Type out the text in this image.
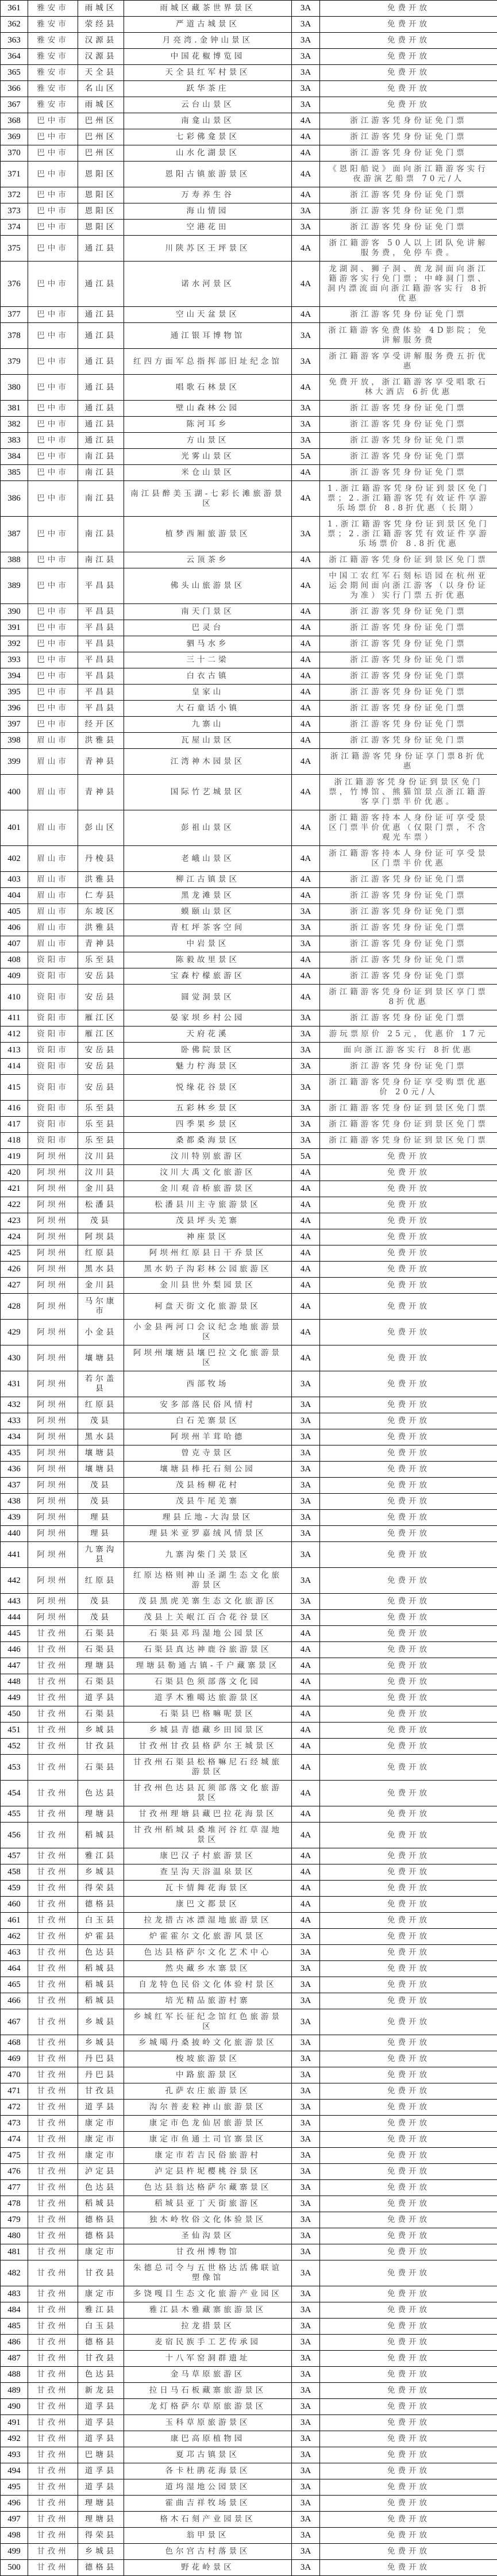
361	雅安市	雨城区	雨城区藏茶世界景区	3A	免费开放
362	雅安市	荥经县	严道古城景区	3A	免费开放
363	雅安市	汉源县	月亮湾.金钟山景区	3A	免费开放
364	雅安市	汉源县	中国花椒博览园	3A	免费开放
365	雅安市	天全县	天全县红军村景区	3A	免费开放
366	雅安市	名山区	跃华茶庄	3A	免费开放
367	雅安市	雨城区	云台山景区	3A	免费开放
368	巴中市	巴州区	南龛山景区	4A	浙江游客凭身份证免门票
369	巴中市	巴州区	七彩佛龛景区	4A	浙江游客凭身份证免门票
370	巴中市	巴州区	山水化湖景区	4A	浙江游客凭身份证免门票
371	巴中市	恩阳区	恩阳古镇旅游景区	4A	《恩阳船说》面向浙江籍游客实行夜游演艺船票 70元/人
372	巴中市	恩阳区	万寿养生谷	4A	浙江游客凭身份证免门票
373	巴中市	恩阳区	海山情园	3A	浙江游客凭身份证免门票
374	巴中市	恩阳区	空港花田	3A	浙江游客凭身份证免门票
375	巴中市	通江县	川陕苏区王坪景区	4A	浙江籍游客 50人以上团队免讲解服务费，免停车费。
376	巴中市	通江县	诺水河景区	4A	龙湖洞、狮子洞、黄龙洞面向浙江籍游客实行免门票；中峰洞门票、洞内漂流面向浙江籍游客实行 8折优惠
377	巴中市	通江县	空山天盆景区	4A	浙江游客凭身份证免门票
378	巴中市	通江县	通江银耳博物馆	3A	浙江籍游客免费体验 4D影院；免讲解服务费
379	巴中市	通江县	红四方面军总指挥部旧址纪念馆	3A	浙江籍游客享受讲解服务费五折优惠
380	巴中市	通江县	唱歌石林景区	4A	免费开放，浙江籍游客享受唱歌石林大酒店 6折优惠
381	巴中市	通江县	壁山森林公园	3A	浙江游客凭身份证免门票
382	巴中市	通江县	陈河耳乡	3A	浙江游客凭身份证免门票
383	巴中市	通江县	方山景区	3A	浙江游客凭身份证免门票
384	巴中市	南江县	光雾山景区	5A	浙江游客凭身份证免门票
385	巴中市	南江县	米仓山景区	4A	浙江游客凭身份证免门票
386	巴中市	南江县	南江县醉美玉湖-七彩长滩旅游景区	4A	1.浙江籍游客凭身份证到景区免门票；2.浙江籍游客凭有效证件享游乐场票价 8.8折优惠（长期）
387	巴中市	南江县	植梦西厢旅游景区	3A	1.浙江籍游客凭身份证到景区免门票；2.浙江籍游客凭有效证件享游乐场票价 8.8折优惠
388	巴中市	南江县	云顶茶乡	4A	浙江籍游客凭身份证到景区免门票
389	巴中市	平昌县	佛头山旅游景区	4A	中国工农红军石刻标语园在杭州亚运会期间面向浙江游客（以身份证为准）实行门票五折优惠
390	巴中市	平昌县	南天门景区	4A	浙江游客凭身份证免门票
391	巴中市	平昌县	巴灵台	4A	浙江游客凭身份证免门票
392	巴中市	平昌县	驷马水乡	4A	浙江游客凭身份证免门票
393	巴中市	平昌县	三十二梁	4A	浙江游客凭身份证免门票
394	巴中市	平昌县	白衣古镇	4A	浙江游客凭身份证免门票
395	巴中市	平昌县	皇家山	4A	浙江游客凭身份证免门票
396	巴中市	平昌县	大石童话小镇	4A	浙江游客凭身份证免门票
397	巴中市	经开区	九寨山	4A	浙江游客凭身份证免门票
398	眉山市	洪雅县	瓦屋山景区	4A	浙江游客凭身份证免门票
399	眉山市	青神县	江湾神木园景区	4A	浙江籍游客凭身份证享门票8折优惠
400	眉山市	青神县	国际竹艺城景区	4A	浙江籍游客凭身份证到景区免门票，竹博馆、熊猫馆景点浙江籍游客享门票半价优惠。
401	眉山市	彭山区	彭祖山景区	4A	浙江籍游客持本人身份证可享受景区门票半价优惠（仅限门票，不含观光车票）
402	眉山市	丹棱县	老峨山景区	4A	浙江籍游客持本人身份证可享受景区门票半价优惠
403	眉山市	洪雅县	柳江古镇景区	4A	浙江游客凭身份证免门票
404	眉山市	仁寿县	黑龙滩景区	4A	浙江游客凭身份证免门票
405	眉山市	东坡区	蟆颐山景区	3A	浙江游客凭身份证免门票
406	眉山市	洪雅县	青杠坪茶客空间	3A	浙江游客凭身份证免门票
407	眉山市	青神县	中岩景区	3A	浙江游客凭身份证免门票
408	资阳市	乐至县	陈毅故里景区	4A	浙江游客凭身份证免门票
409	资阳市	安岳县	宝森柠檬旅游区	4A	浙江游客凭身份证免门票
410	资阳市	安岳县	圆觉洞景区	4A	浙江籍游客凭身份证到景区享门票 8折优惠
411	资阳市	雁江区	晏家坝乡村公园	3A	浙江游客凭身份证免门票
412	资阳市	雁江区	天府花溪	3A	游玩票原价 25元，优惠价 17元
413	资阳市	安岳县	卧佛院景区	3A	面向浙江游客实行 8折优惠
414	资阳市	安岳县	魅力柠海景区	3A	浙江游客凭身份证免门票
415	资阳市	安岳县	悦缘花谷景区	3A	浙江籍游客凭身份证享受购票优惠价 20元/人
416	资阳市	乐至县	五彩林乡景区	3A	浙江籍游客凭身份证到景区免门票
417	资阳市	乐至县	四季果乡景区	3A	浙江籍游客凭身份证到景区免门票
418	资阳市	乐至县	桑都桑海景区	3A	浙江籍游客凭身份证到景区免门票
419	阿坝州	汶川县	汶川特别旅游区	5A	免费开放
420	阿坝州	汶川县	汶川大禹文化旅游区	4A	免费开放
421	阿坝州	金川县	金川观音桥旅游景区	4A	免费开放
422	阿坝州	松潘县	松潘县川主寺旅游景区	4A	免费开放
423	阿坝州	茂县	茂县坪头羌寨	4A	免费开放
424	阿坝州	阿坝县	神座景区	4A	免费开放
425	阿坝州	红原县	阿坝州红原县日干乔景区	4A	免费开放
426	阿坝州	黑水县	黑水奶子沟彩林公园旅游区	4A	免费开放
427	阿坝州	金川县	金川县世外梨园景区	4A	免费开放
428	阿坝州	马尔康市	柯盘天街文化旅游景区	4A	免费开放
429	阿坝州	小金县	小金县两河口会议纪念地旅游景区	4A	免费开放
430	阿坝州	壤塘县	阿坝州壤塘县壤巴拉文化旅游景区	4A	免费开放
431	阿坝州	若尔盖县	西部牧场	3A	免费开放
432	阿坝州	红原县	安多部落民俗风情村	3A	免费开放
433	阿坝州	茂县	白石羌寨景区	3A	免费开放
434	阿坝州	黑水县	阿坝州羊茸哈德	3A	免费开放
435	阿坝州	壤塘县	曾克寺景区	3A	免费开放
436	阿坝州	壤塘县	壤塘县棒托石刻公园	3A	免费开放
437	阿坝州	茂县	茂县杨柳花村	3A	免费开放
438	阿坝州	茂县	茂县牛尾羌寨	3A	免费开放
439	阿坝州	理县	理县丘地-大沟景区	3A	免费开放
440	阿坝州	理县	理县米亚罗嘉绒风情景区	3A	免费开放
441	阿坝州	九寨沟县	九寨沟柴门关景区	3A	免费开放
442	阿坝州	红原县	红原达格则神山圣湖生态文化旅游景区	3A	免费开放
443	阿坝州	茂县	茂县黑虎羌寨生态文化旅游区	3A	免费开放
444	阿坝州	茂县	茂县上关岷江百合花谷景区	3A	免费开放
445	甘孜州	石渠县	石渠县邓玛湿地公园景区	4A	免费开放
446	甘孜州	石渠县	石渠县真达神鹿谷旅游景区	4A	免费开放
447	甘孜州	理塘县	理塘县勒通古镇-千户藏寨景区	4A	免费开放
448	甘孜州	石渠县	石渠县色须部落文化园	4A	免费开放
449	甘孜州	道孚县	道孚木雅噶达旅游景区	4A	免费开放
450	甘孜州	石渠县	石渠县巴格嘛呢景区	4A	免费开放
451	甘孜州	乡城县	乡城县青德藏乡田园景区	4A	免费开放
452	甘孜州	甘孜县	甘孜州甘孜县格萨尔王城景区	4A	免费开放
453	甘孜州	石渠县	甘孜州石渠县松格嘛尼石经城旅游景区	4A	免费开放
454	甘孜州	色达县	甘孜州色达县瓦须部落文化旅游景区	4A	免费开放
455	甘孜州	理塘县	甘孜州理塘县藏巴拉花海景区	4A	免费开放
456	甘孜州	稻城县	甘孜州稻城县桑堆河谷红草湿地景区	4A	免费开放
457	甘孜州	雅江县	康巴汉子村旅游景区	4A	免费开放
458	甘孜州	乡城县	查呈沟天浴温泉景区	4A	免费开放
459	甘孜州	得荣县	瓦卡情舞花海景区	4A	免费开放
460	甘孜州	德格县	康巴文都景区	4A	免费开放
461	甘孜州	白玉县	拉龙措古冰漂湿地旅游景区	4A	免费开放
462	甘孜州	炉霍县	炉霍霍尔文化旅游风景区	3A	免费开放
463	甘孜州	色达县	色达县格萨尔文化艺术中心	3A	免费开放
464	甘孜州	稻城县	然央藏乡水寨景区	3A	免费开放
465	甘孜州	稻城县	自龙特色民俗文化体验村景区	3A	免费开放
466	甘孜州	稻城县	培光精品旅游村寨	3A	免费开放
467	甘孜州	乡城县	乡城红军长征纪念馆红色旅游景区	3A	免费开放
468	甘孜州	乡城县	乡城噶丹桑披岭文化旅游景区	3A	免费开放
469	甘孜州	丹巴县	梭坡旅游景区	3A	免费开放
470	甘孜州	丹巴县	中路旅游景区	3A	免费开放
471	甘孜州	甘孜县	孔萨农庄旅游景区	3A	免费开放
472	甘孜州	道孚县	沟尔普麦粒神山旅游景区	3A	免费开放
473	甘孜州	康定市	康定市色龙仙居旅游景区	3A	免费开放
474	甘孜州	康定市	康定市鱼通土司官寨景区	3A	免费开放
475	甘孜州	康定市	康定市若吉民俗旅游村	3A	免费开放
476	甘孜州	泸定县	泸定县杵坭樱桃谷景区	3A	免费开放
477	甘孜州	色达县	色达县翁达格萨尔藏寨景区	3A	免费开放
478	甘孜州	稻城县	稻城县亚丁天街旅游区	3A	免费开放
479	甘孜州	德格县	独木岭牧俗文化体验景区	3A	免费开放
480	甘孜州	德格县	圣仙沟景区	3A	免费开放
481	甘孜州	康定市	甘孜州博物馆	3A	免费开放
482	甘孜州	甘孜县	朱德总司令与五世格达活佛联谊塑像馆	3A	免费开放
483	甘孜州	康定市	多饶嘎目生态文化旅游产业园区	3A	免费开放
484	甘孜州	雅江县	雅江县木雅藏寨旅游景区	3A	免费开放
485	甘孜州	白玉县	拉龙措景区	3A	免费开放
486	甘孜州	德格县	麦宿民族手工艺传承园	3A	免费开放
487	甘孜州	甘孜县	十八军窑洞群遗址	3A	免费开放
488	甘孜州	色达县	金马草原旅游区	3A	免费开放
489	甘孜州	新龙县	拉日马石板藏寨旅游景区	3A	免费开放
490	甘孜州	道孚县	龙灯格萨尔草原旅游景区	3A	免费开放
491	甘孜州	道孚县	玉科草原旅游景区	3A	免费开放
492	甘孜州	道孚县	康巴高原植物园	3A	免费开放
493	甘孜州	巴塘县	夏邛古镇景区	3A	免费开放
494	甘孜州	道孚县	各卡杜鹃花海景区	3A	免费开放
495	甘孜州	道孚县	道坞湿地公园景区	3A	免费开放
496	甘孜州	理塘县	霍曲吉祥牧场景区	3A	免费开放
497	甘孜州	理塘县	格木石刻产业园景区	3A	免费开放
498	甘孜州	得荣县	翁甲景区	3A	免费开放
499	甘孜州	乡城县	色尔宫古村落景区	3A	免费开放
500	甘孜州	德格县	野花岭景区	3A	免费开放
